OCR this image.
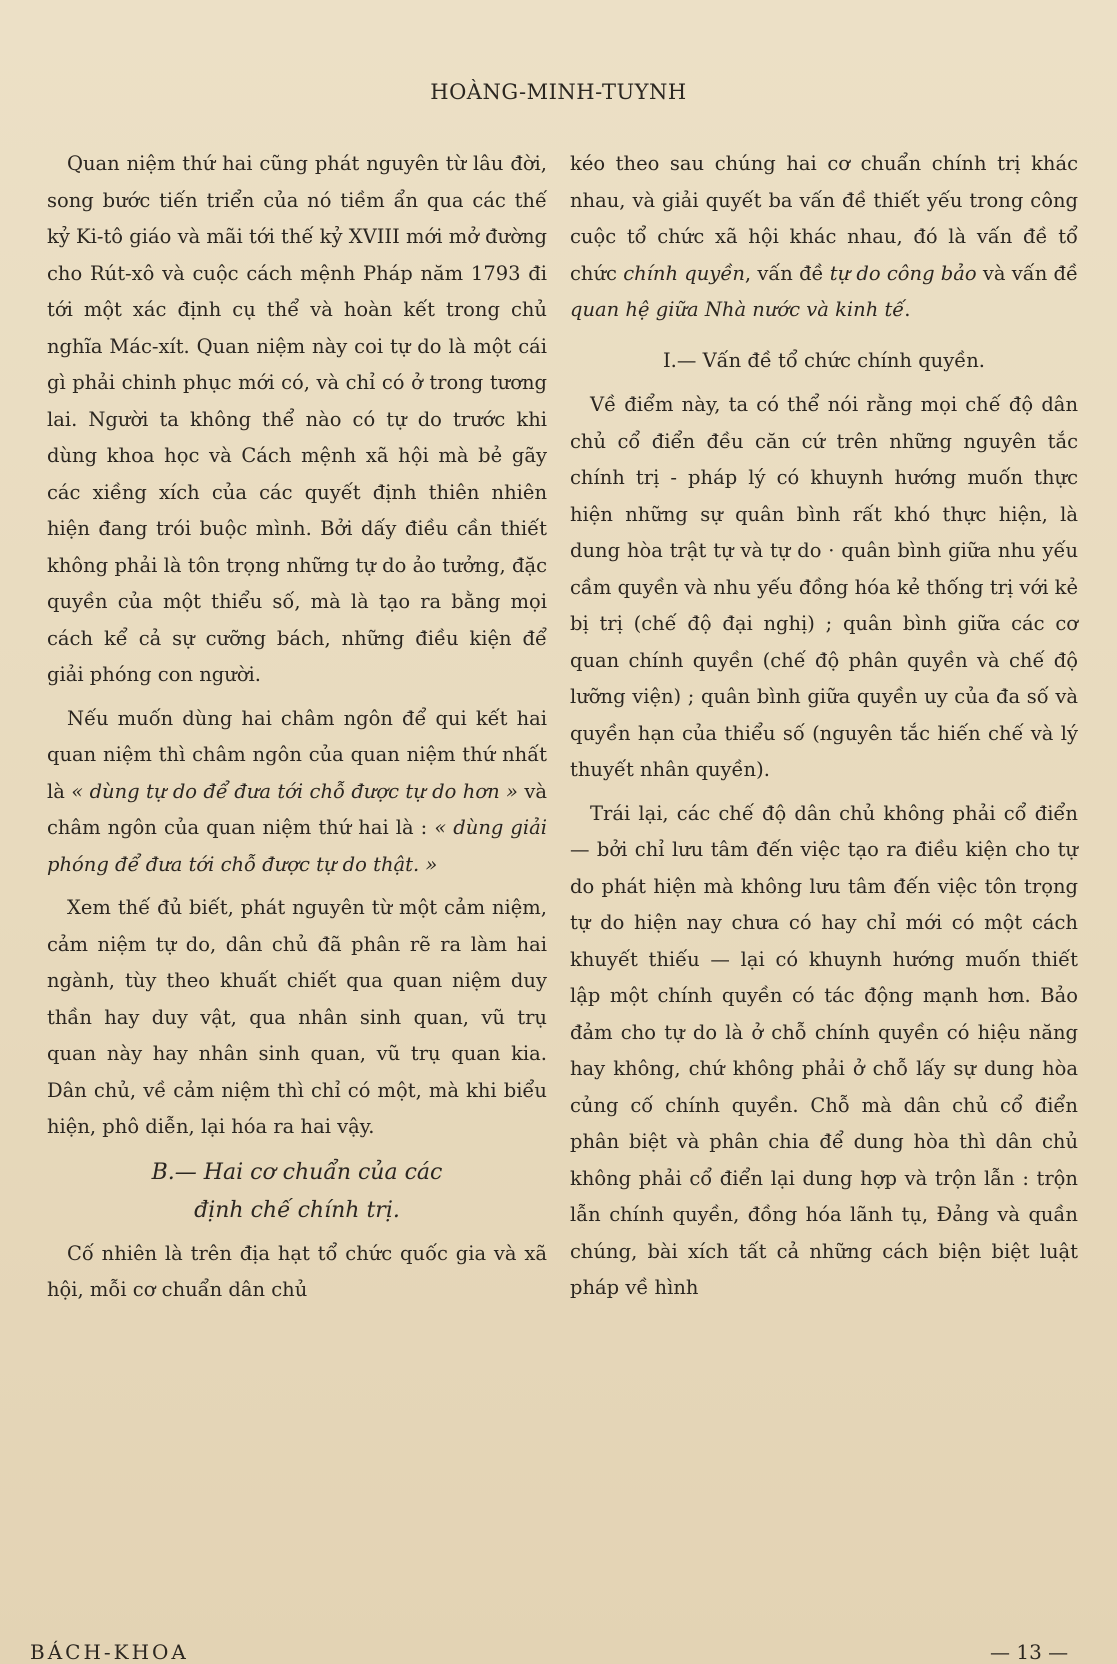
HOÀNG-MINH-TUYNH

Quan niệm thứ hai cũng phát nguyên từ lâu đời, song bước tiến triển của nó tiềm ẩn qua các thế kỷ Ki-tô giáo và mãi tới thế kỷ XVIII mới mở đường cho Rút-xô và cuộc cách mệnh Pháp năm 1793 đi tới một xác định cụ thể và hoàn kết trong chủ nghĩa Mác-xít. Quan niệm này coi tự do là một cái gì phải chinh phục mới có, và chỉ có ở trong tương lai. Người ta không thể nào có tự do trước khi dùng khoa học và Cách mệnh xã hội mà bẻ gãy các xiềng xích của các quyết định thiên nhiên hiện đang trói buộc mình. Bởi dấy điều cần thiết không phải là tôn trọng những tự do ảo tưởng, đặc quyền của một thiểu số, mà là tạo ra bằng mọi cách kể cả sự cưỡng bách, những điều kiện để giải phóng con người.

Nếu muốn dùng hai châm ngôn để qui kết hai quan niệm thì châm ngôn của quan niệm thứ nhất là « dùng tự do để đưa tới chỗ được tự do hơn » và châm ngôn của quan niệm thứ hai là : « dùng giải phóng để đưa tới chỗ được tự do thật. »

Xem thế đủ biết, phát nguyên từ một cảm niệm, cảm niệm tự do, dân chủ đã phân rẽ ra làm hai ngành, tùy theo khuất chiết qua quan niệm duy thần hay duy vật, qua nhân sinh quan, vũ trụ quan này hay nhân sinh quan, vũ trụ quan kia. Dân chủ, về cảm niệm thì chỉ có một, mà khi biểu hiện, phô diễn, lại hóa ra hai vậy.

B.— Hai cơ chuẩn của các
định chế chính trị.

Cố nhiên là trên địa hạt tổ chức quốc gia và xã hội, mỗi cơ chuẩn dân chủ

kéo theo sau chúng hai cơ chuẩn chính trị khác nhau, và giải quyết ba vấn đề thiết yếu trong công cuộc tổ chức xã hội khác nhau, đó là vấn đề tổ chức chính quyền, vấn đề tự do công bảo và vấn đề quan hệ giữa Nhà nước và kinh tế.

I.— Vấn đề tổ chức chính quyền.

Về điểm này, ta có thể nói rằng mọi chế độ dân chủ cổ điển đều căn cứ trên những nguyên tắc chính trị - pháp lý có khuynh hướng muốn thực hiện những sự quân bình rất khó thực hiện, là dung hòa trật tự và tự do · quân bình giữa nhu yếu cầm quyền và nhu yếu đồng hóa kẻ thống trị với kẻ bị trị (chế độ đại nghị) ; quân bình giữa các cơ quan chính quyền (chế độ phân quyền và chế độ lưỡng viện) ; quân bình giữa quyền uy của đa số và quyền hạn của thiểu số (nguyên tắc hiến chế và lý thuyết nhân quyền).

Trái lại, các chế độ dân chủ không phải cổ điển — bởi chỉ lưu tâm đến việc tạo ra điều kiện cho tự do phát hiện mà không lưu tâm đến việc tôn trọng tự do hiện nay chưa có hay chỉ mới có một cách khuyết thiếu — lại có khuynh hướng muốn thiết lập một chính quyền có tác động mạnh hơn. Bảo đảm cho tự do là ở chỗ chính quyền có hiệu năng hay không, chứ không phải ở chỗ lấy sự dung hòa củng cố chính quyền. Chỗ mà dân chủ cổ điển phân biệt và phân chia để dung hòa thì dân chủ không phải cổ điển lại dung hợp và trộn lẫn : trộn lẫn chính quyền, đồng hóa lãnh tụ, Đảng và quần chúng, bài xích tất cả những cách biện biệt luật pháp về hình

BÁCH-KHOA	— 13 —
